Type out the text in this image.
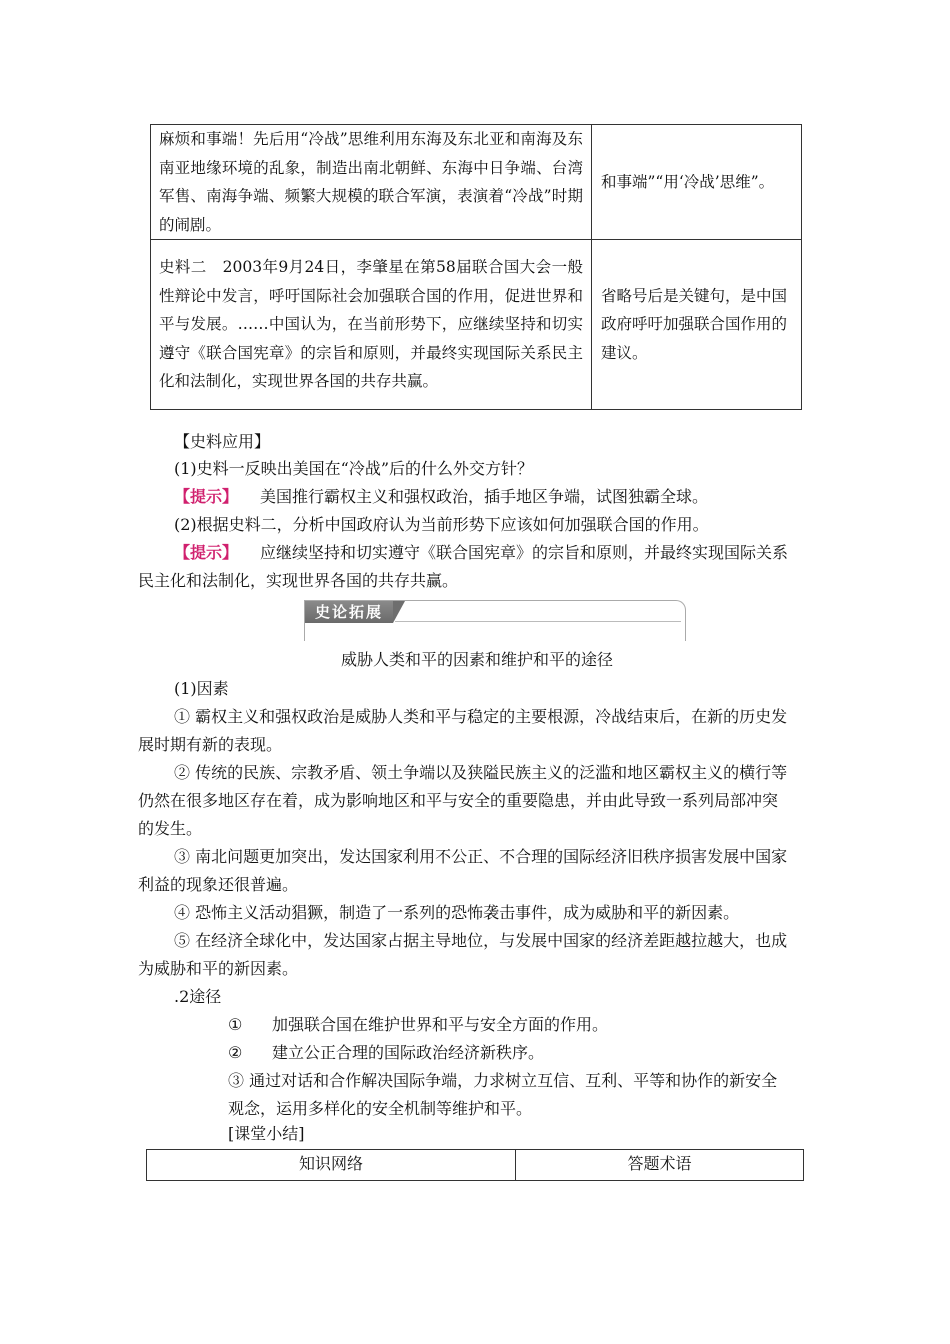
麻烦和事端！先后用“冷战”思维利用东海及东北亚和南海及东南亚地缘环境的乱象，制造出南北朝鲜、东海中日争端、台湾军售、南海争端、频繁大规模的联合军演，表演着“冷战”时期的闹剧。	和事端”“用‘冷战’思维”。
史料二　2003年9月24日，李肇星在第58届联合国大会一般性辩论中发言，呼吁国际社会加强联合国的作用，促进世界和平与发展。……中国认为，在当前形势下，应继续坚持和切实遵守《联合国宪章》的宗旨和原则，并最终实现国际关系民主化和法制化，实现世界各国的共存共赢。	省略号后是关键句，是中国政府呼吁加强联合国作用的建议。
【史料应用】
(1)史料一反映出美国在“冷战”后的什么外交方针？
【提示】 美国推行霸权主义和强权政治，插手地区争端，试图独霸全球。
(2)根据史料二，分析中国政府认为当前形势下应该如何加强联合国的作用。
【提示】 应继续坚持和切实遵守《联合国宪章》的宗旨和原则，并最终实现国际关系
民主化和法制化，实现世界各国的共存共赢。
史论拓展
威胁人类和平的因素和维护和平的途径
(1)因素
① 霸权主义和强权政治是威胁人类和平与稳定的主要根源，冷战结束后，在新的历史发
展时期有新的表现。
② 传统的民族、宗教矛盾、领土争端以及狭隘民族主义的泛滥和地区霸权主义的横行等
仍然在很多地区存在着，成为影响地区和平与安全的重要隐患，并由此导致一系列局部冲突
的发生。
③ 南北问题更加突出，发达国家利用不公正、不合理的国际经济旧秩序损害发展中国家
利益的现象还很普遍。
④ 恐怖主义活动猖獗，制造了一系列的恐怖袭击事件，成为威胁和平的新因素。
⑤ 在经济全球化中，发达国家占据主导地位，与发展中国家的经济差距越拉越大，也成
为威胁和平的新因素。
.2途径
① 加强联合国在维护世界和平与安全方面的作用。
② 建立公正合理的国际政治经济新秩序。
③ 通过对话和合作解决国际争端，力求树立互信、互利、平等和协作的新安全
观念，运用多样化的安全机制等维护和平。
[课堂小结]
知识网络	答题术语
